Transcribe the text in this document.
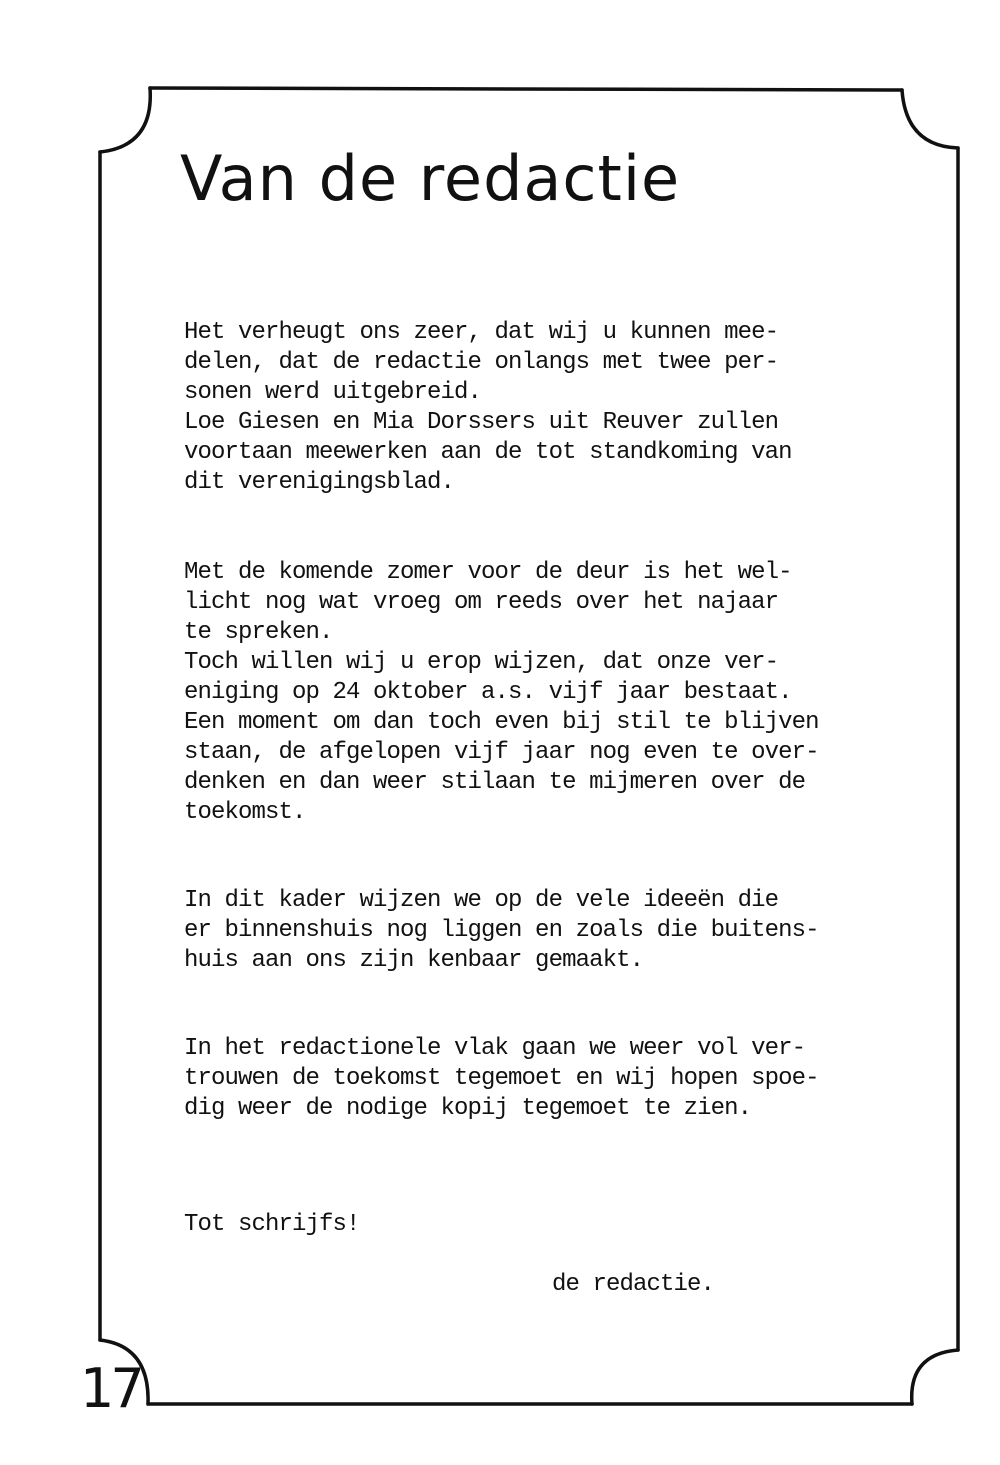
Van de redactie
Het verheugt ons zeer, dat wij u kunnen mee-
delen, dat de redactie onlangs met twee per-
sonen werd uitgebreid.
Loe Giesen en Mia Dorssers uit Reuver zullen
voortaan meewerken aan de tot standkoming van
dit verenigingsblad.
Met de komende zomer voor de deur is het wel-
licht nog wat vroeg om reeds over het najaar
te spreken.
Toch willen wij u erop wijzen, dat onze ver-
eniging op 24 oktober a.s. vijf jaar bestaat.
Een moment om dan toch even bij stil te blijven
staan, de afgelopen vijf jaar nog even te over-
denken en dan weer stilaan te mijmeren over de
toekomst.
In dit kader wijzen we op de vele ideeën die
er binnenshuis nog liggen en zoals die buitens-
huis aan ons zijn kenbaar gemaakt.
In het redactionele vlak gaan we weer vol ver-
trouwen de toekomst tegemoet en wij hopen spoe-
dig weer de nodige kopij tegemoet te zien.
Tot schrijfs!
de redactie.
17
